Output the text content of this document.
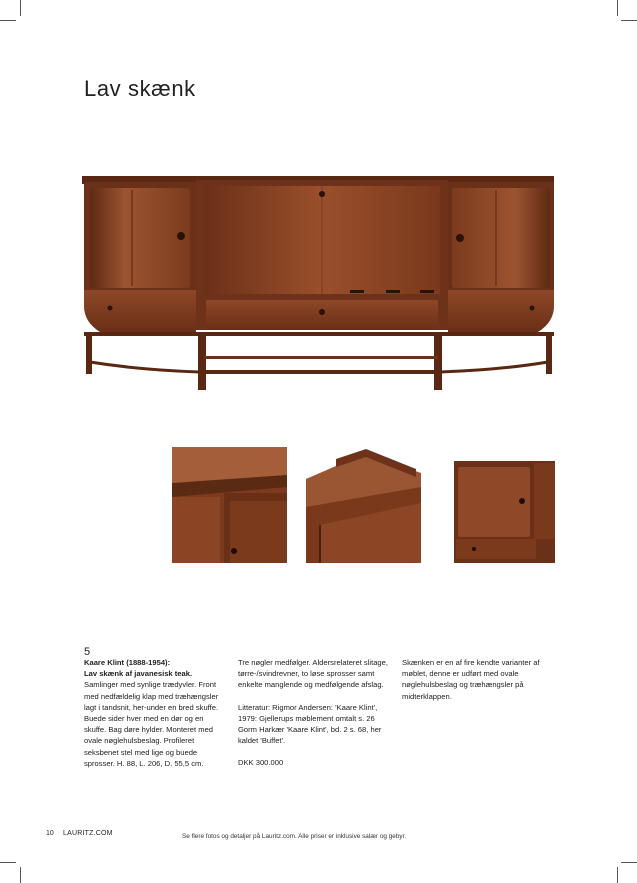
Lav skænk
5
Kaare Klint (1888-1954):
Lav skænk af javanesisk teak.

Samlinger med synlige trædyvler. Front med nedfældelig klap med træhængsler lagt i tandsnit, her-under en bred skuffe. Buede sider hver med en dør og en skuffe. Bag døre hylder. Monteret med ovale nøglehulsbeslag. Profileret seksbenet stel med lige og buede sprosser. H. 88, L. 206, D. 55,5 cm.

Tre nøgler medfølger. Aldersrelateret slitage, tørre-/svindrevner, to løse sprosser samt enkelte manglende og medfølgende afslag.

Litteratur: Rigmor Andersen: 'Kaare Klint', 1979: Gjellerups møblement omtalt s. 26 Gorm Harkær 'Kaare Klint', bd. 2 s. 68, her kaldet 'Buffet'.

DKK 300.000

Skænken er en af fire kendte varianter af møblet, denne er udført med ovale nøglehulsbeslag og træhængsler på midterklappen.

10 LAURITZ.COM	Se flere fotos og detaljer på Lauritz.com. Alle priser er inklusive salær og gebyr.
